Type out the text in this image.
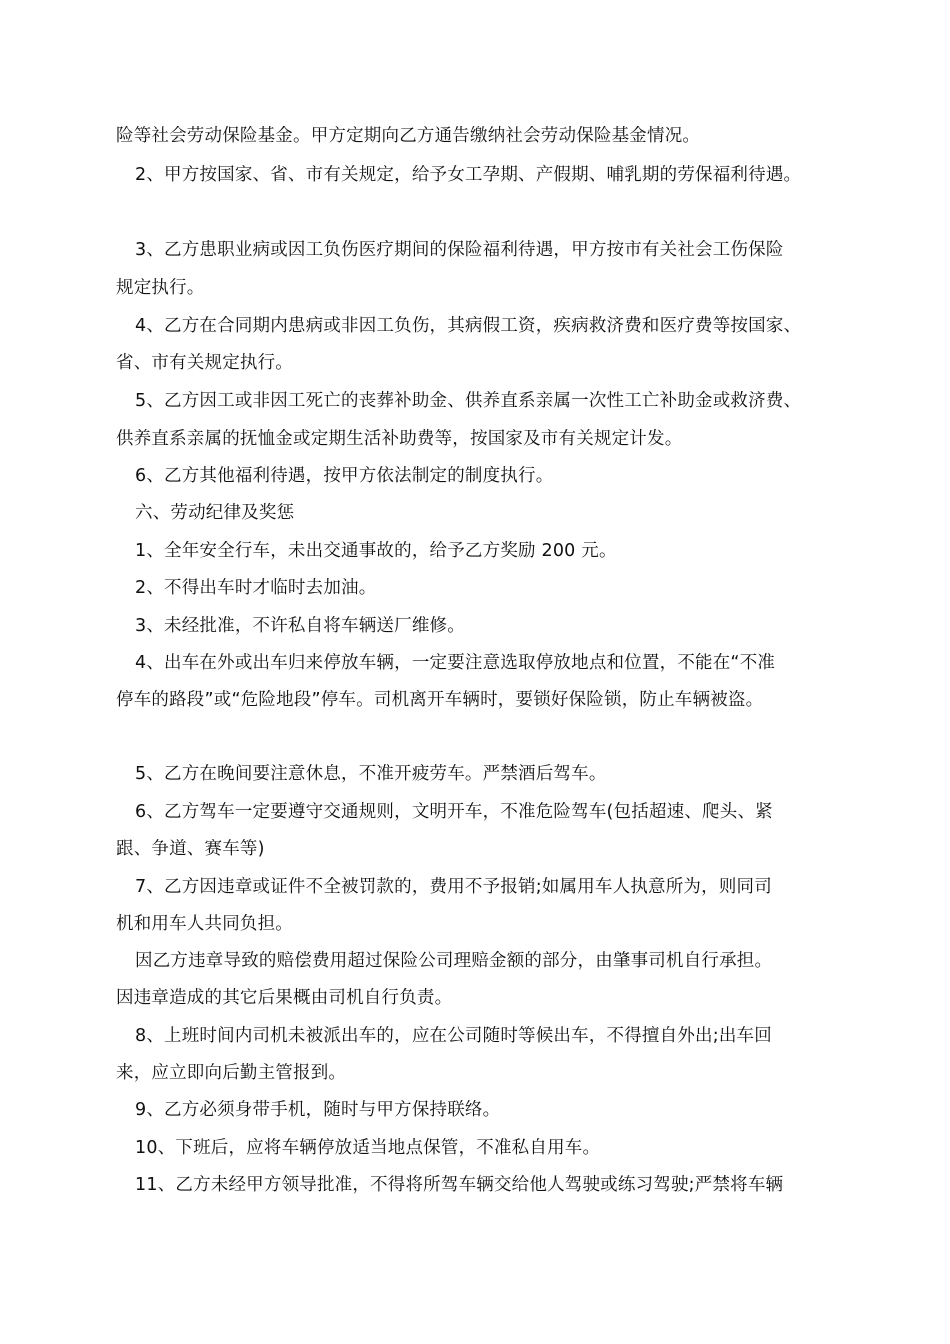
险等社会劳动保险基金。甲方定期向乙方通告缴纳社会劳动保险基金情况。
2、甲方按国家、省、市有关规定，给予女工孕期、产假期、哺乳期的劳保福利待遇。
3、乙方患职业病或因工负伤医疗期间的保险福利待遇，甲方按市有关社会工伤保险
规定执行。
4、乙方在合同期内患病或非因工负伤，其病假工资，疾病救济费和医疗费等按国家、
省、市有关规定执行。
5、乙方因工或非因工死亡的丧葬补助金、供养直系亲属一次性工亡补助金或救济费、
供养直系亲属的抚恤金或定期生活补助费等，按国家及市有关规定计发。
6、乙方其他福利待遇，按甲方依法制定的制度执行。
六、劳动纪律及奖惩
1、全年安全行车，未出交通事故的，给予乙方奖励 200 元。
2、不得出车时才临时去加油。
3、未经批准，不许私自将车辆送厂维修。
4、出车在外或出车归来停放车辆，一定要注意选取停放地点和位置，不能在“不准
停车的路段”或“危险地段”停车。司机离开车辆时，要锁好保险锁，防止车辆被盗。
5、乙方在晚间要注意休息，不准开疲劳车。严禁酒后驾车。
6、乙方驾车一定要遵守交通规则，文明开车，不准危险驾车(包括超速、爬头、紧
跟、争道、赛车等)
7、乙方因违章或证件不全被罚款的，费用不予报销;如属用车人执意所为，则同司
机和用车人共同负担。
因乙方违章导致的赔偿费用超过保险公司理赔金额的部分，由肇事司机自行承担。
因违章造成的其它后果概由司机自行负责。
8、上班时间内司机未被派出车的，应在公司随时等候出车，不得擅自外出;出车回
来，应立即向后勤主管报到。
9、乙方必须身带手机，随时与甲方保持联络。
10、下班后，应将车辆停放适当地点保管，不准私自用车。
11、乙方未经甲方领导批准，不得将所驾车辆交给他人驾驶或练习驾驶;严禁将车辆
